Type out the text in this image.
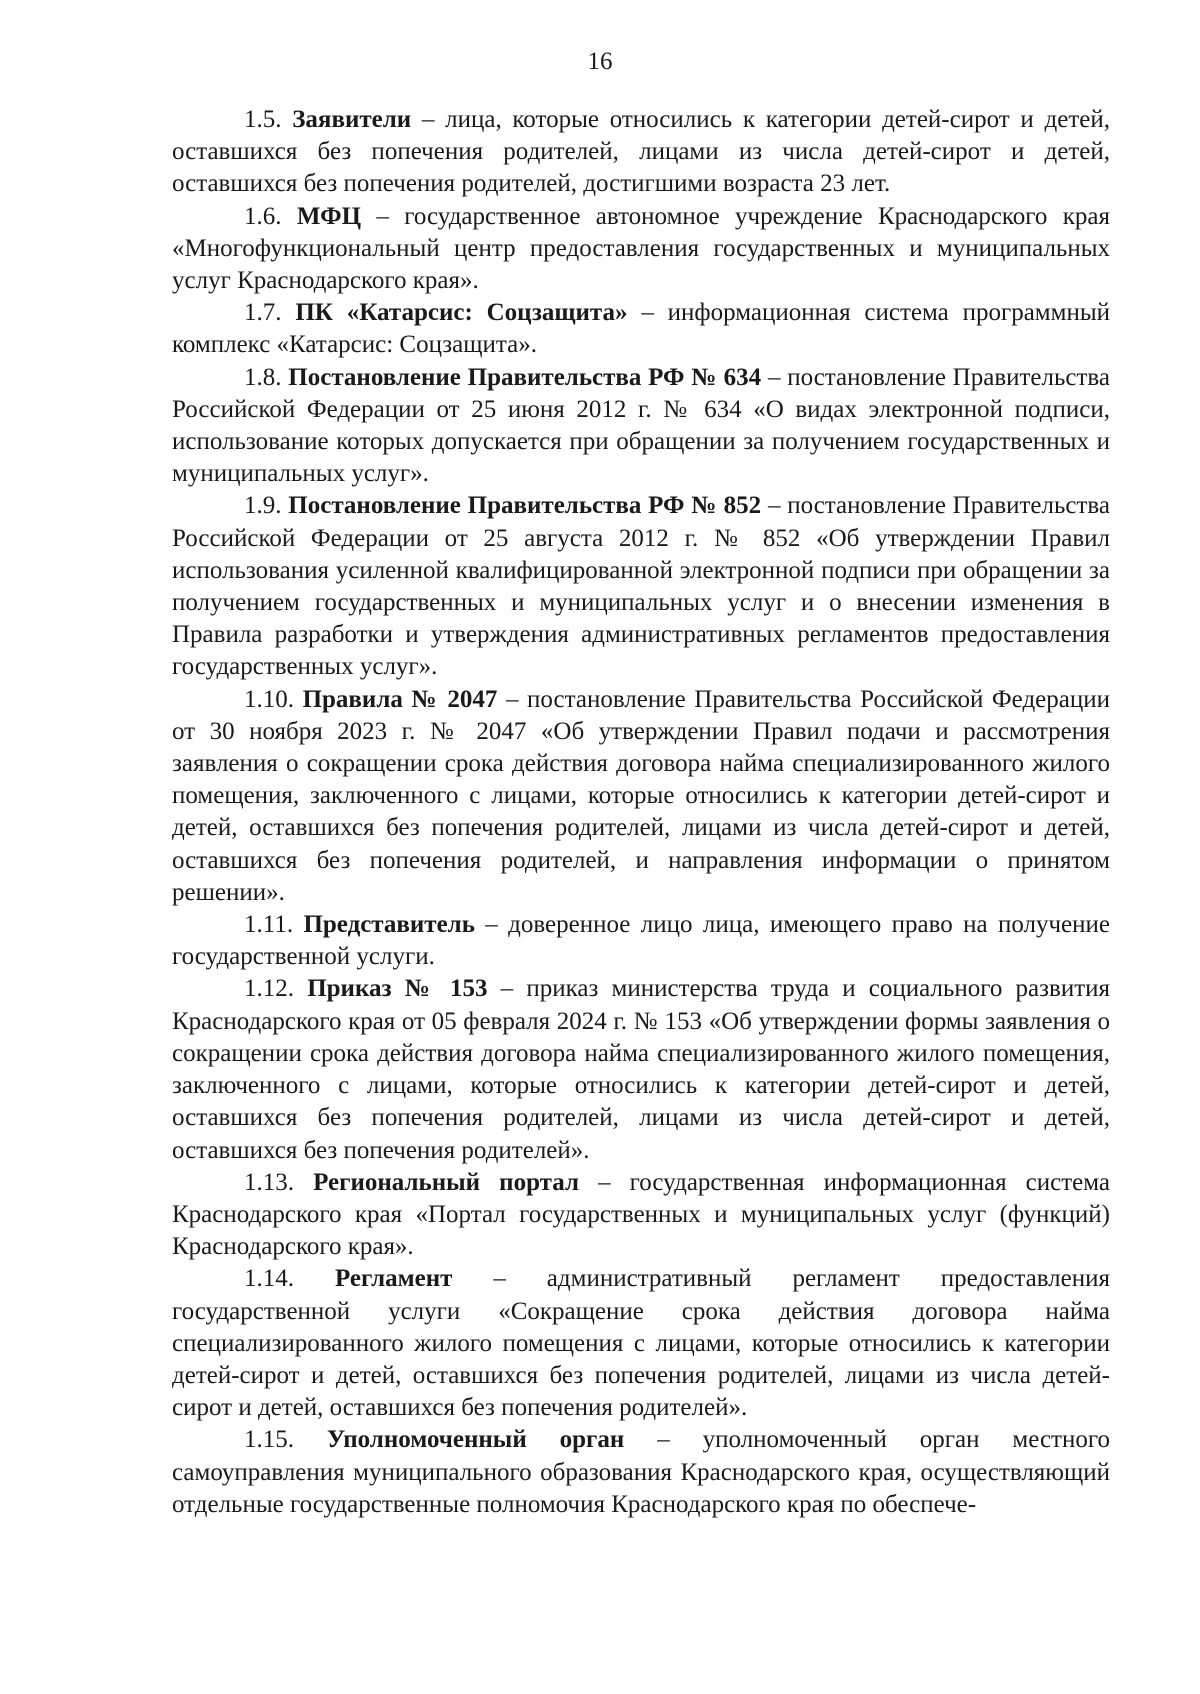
16

1.5. Заявители – лица, которые относились к категории детей-сирот и детей, оставшихся без попечения родителей, лицами из числа детей-сирот и детей, оставшихся без попечения родителей, достигшими возраста 23 лет.

1.6. МФЦ – государственное автономное учреждение Краснодарского края «Многофункциональный центр предоставления государственных и муниципальных услуг Краснодарского края».

1.7. ПК «Катарсис: Соцзащита» – информационная система программный комплекс «Катарсис: Соцзащита».

1.8. Постановление Правительства РФ № 634 – постановление Правительства Российской Федерации от 25 июня 2012 г. № 634 «О видах электронной подписи, использование которых допускается при обращении за получением государственных и муниципальных услуг».

1.9. Постановление Правительства РФ № 852 – постановление Правительства Российской Федерации от 25 августа 2012 г. № 852 «Об утверждении Правил использования усиленной квалифицированной электронной подписи при обращении за получением государственных и муниципальных услуг и о внесении изменения в Правила разработки и утверждения административных регламентов предоставления государственных услуг».

1.10. Правила № 2047 – постановление Правительства Российской Федерации от 30 ноября 2023 г. № 2047 «Об утверждении Правил подачи и рассмотрения заявления о сокращении срока действия договора найма специализированного жилого помещения, заключенного с лицами, которые относились к категории детей-сирот и детей, оставшихся без попечения родителей, лицами из числа детей-сирот и детей, оставшихся без попечения родителей, и направления информации о принятом решении».

1.11. Представитель – доверенное лицо лица, имеющего право на получение государственной услуги.

1.12. Приказ № 153 – приказ министерства труда и социального развития Краснодарского края от 05 февраля 2024 г. № 153 «Об утверждении формы заявления о сокращении срока действия договора найма специализированного жилого помещения, заключенного с лицами, которые относились к категории детей-сирот и детей, оставшихся без попечения родителей, лицами из числа детей-сирот и детей, оставшихся без попечения родителей».

1.13. Региональный портал – государственная информационная система Краснодарского края «Портал государственных и муниципальных услуг (функций) Краснодарского края».

1.14. Регламент – административный регламент предоставления государственной услуги «Сокращение срока действия договора найма специализированного жилого помещения с лицами, которые относились к категории детей-сирот и детей, оставшихся без попечения родителей, лицами из числа детей-сирот и детей, оставшихся без попечения родителей».

1.15. Уполномоченный орган – уполномоченный орган местного самоуправления муниципального образования Краснодарского края, осуществляющий отдельные государственные полномочия Краснодарского края по обеспече-
